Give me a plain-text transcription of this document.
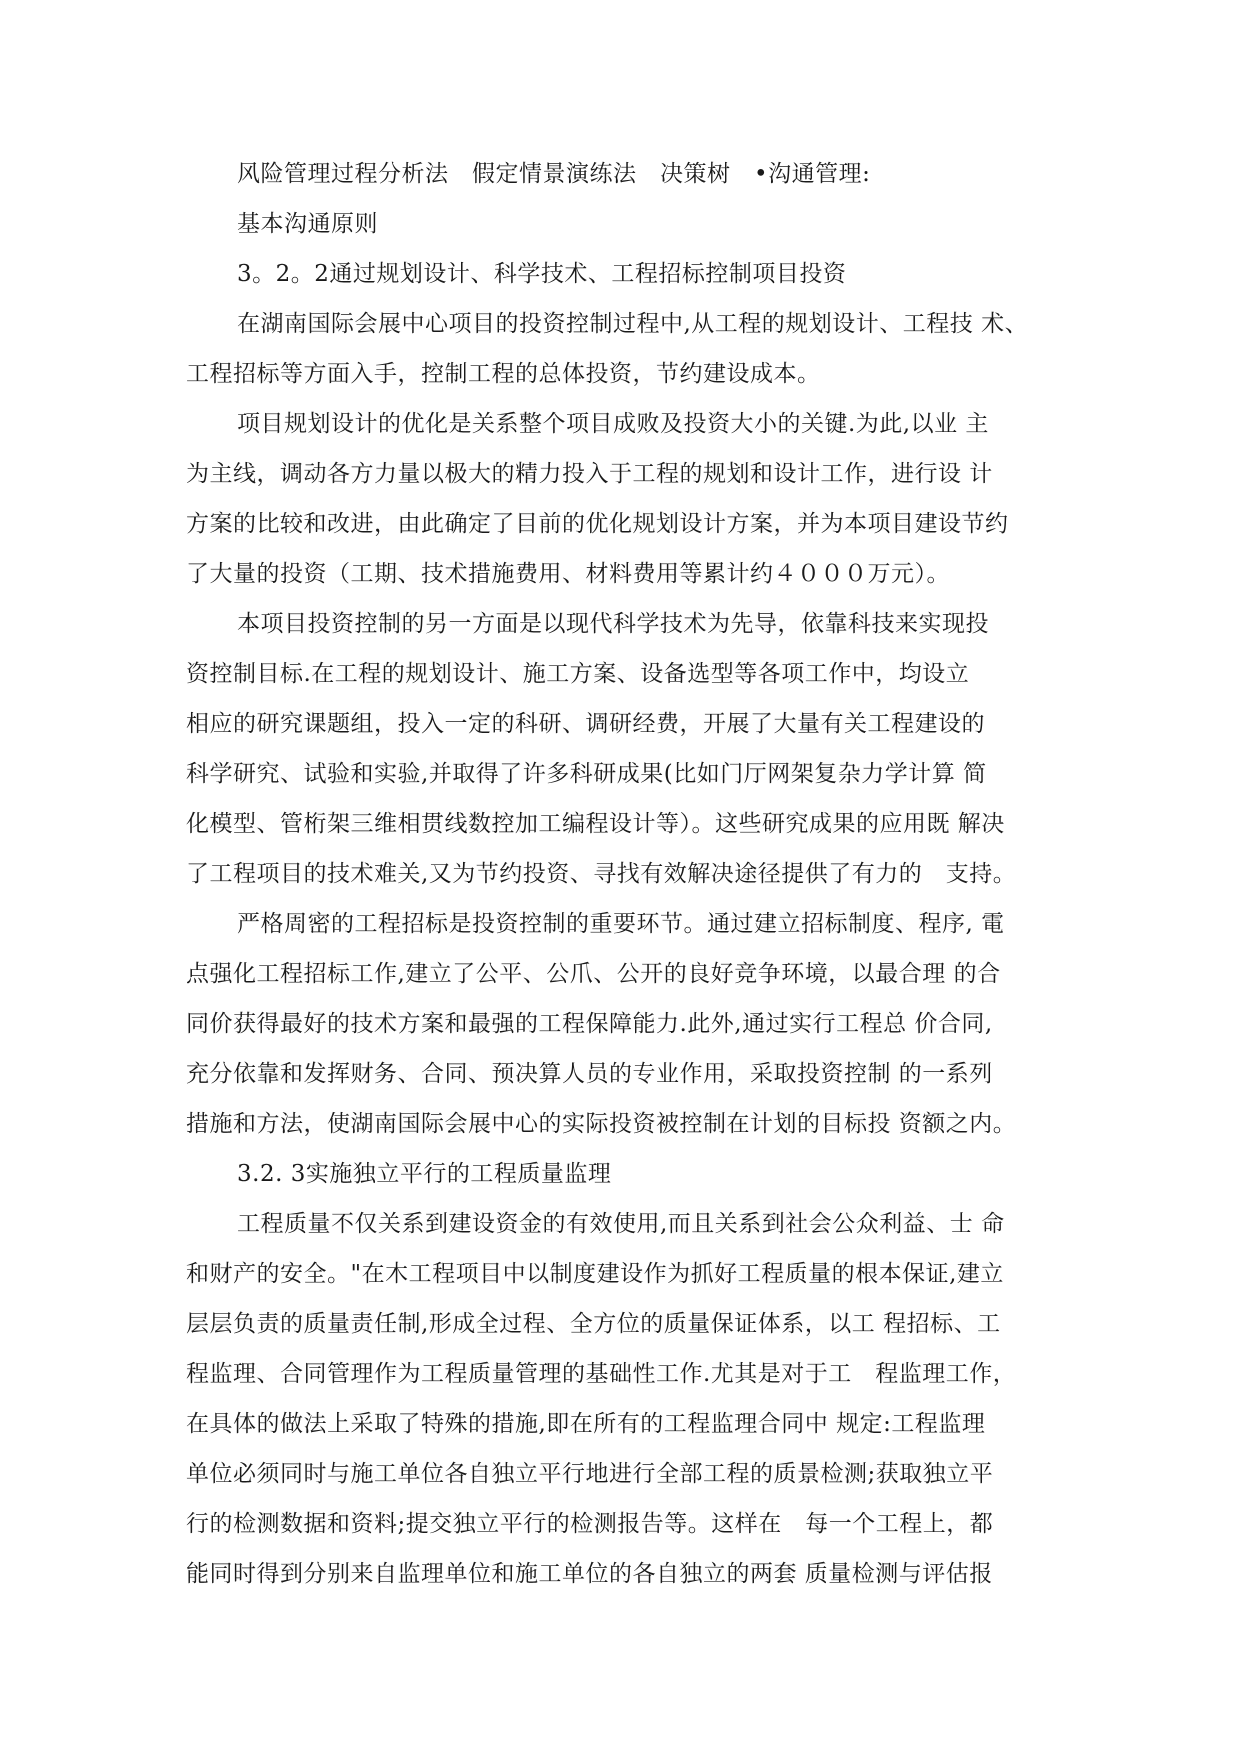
风险管理过程分析法　假定情景演练法　决策树　•沟通管理:
基本沟通原则
3。2。2通过规划设计、科学技术、工程招标控制项目投资
在湖南国际会展中心项目的投资控制过程中,从工程的规划设计、工程技 术、
工程招标等方面入手，控制工程的总体投资，节约建设成本。
项目规划设计的优化是关系整个项目成败及投资大小的关键.为此,以业 主
为主线，调动各方力量以极大的精力投入于工程的规划和设计工作，进行设 计
方案的比较和改进，由此确定了目前的优化规划设计方案，并为本项目建设节约
了大量的投资（工期、技术措施费用、材料费用等累计约４０００万元）。
本项目投资控制的另一方面是以现代科学技术为先导，依靠科技来实现投
资控制目标.在工程的规划设计、施工方案、设备选型等各项工作中，均设立
相应的研究课题组，投入一定的科研、调研经费，开展了大量有关工程建设的
科学研究、试验和实验,并取得了许多科研成果(比如门厅网架复杂力学计算 简
化模型、管桁架三维相贯线数控加工编程设计等）。这些研究成果的应用既 解决
了工程项目的技术难关,又为节约投资、寻找有效解决途径提供了有力的　支持。
严格周密的工程招标是投资控制的重要环节。通过建立招标制度、程序, 電
点强化工程招标工作,建立了公平、公爪、公开的良好竞争环境，以最合理 的合
同价获得最好的技术方案和最强的工程保障能力.此外,通过实行工程总 价合同,
充分依靠和发挥财务、合同、预决算人员的专业作用，采取投资控制 的一系列
措施和方法，使湖南国际会展中心的实际投资被控制在计划的目标投 资额之内。
3.2. 3实施独立平行的工程质量监理
工程质量不仅关系到建设资金的有效使用,而且关系到社会公众利益、士 命
和财产的安全。"在木工程项目中以制度建设作为抓好工程质量的根本保证,建立
层层负责的质量责任制,形成全过程、全方位的质量保证体系，以工 程招标、工
程监理、合同管理作为工程质量管理的基础性工作.尤其是对于工　程监理工作，
在具体的做法上采取了特殊的措施,即在所有的工程监理合同中 规定:工程监理
单位必须同时与施工单位各自独立平行地进行全部工程的质景检测;获取独立平
行的检测数据和资料;提交独立平行的检测报告等。这样在　每一个工程上，都
能同时得到分别来自监理单位和施工单位的各自独立的两套 质量检测与评估报
